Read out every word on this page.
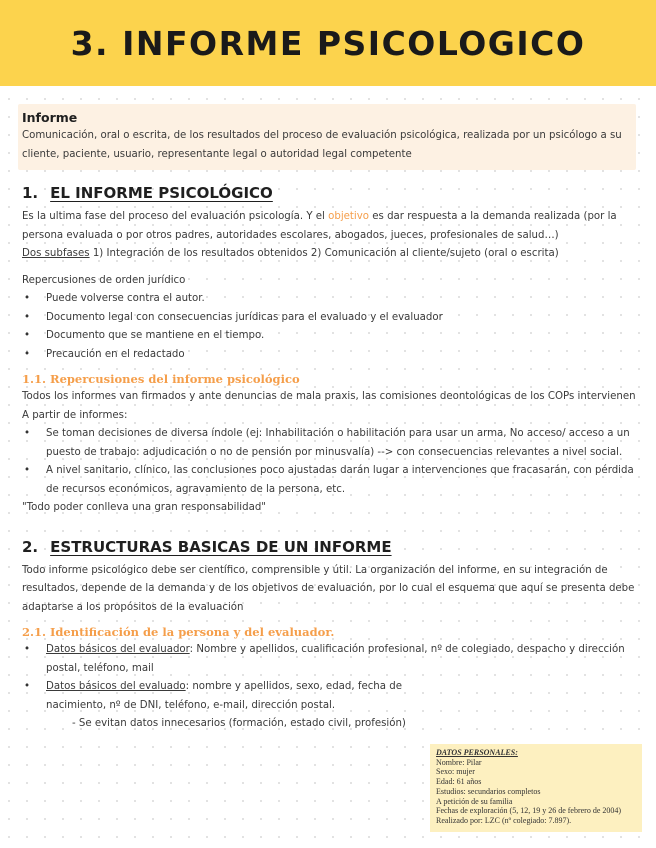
3. INFORME PSICOLOGICO
Informe
Comunicación, oral o escrita, de los resultados del proceso de evaluación psicológica, realizada por un psicólogo a su cliente, paciente, usuario, representante legal o autoridad legal competente
1. EL INFORME PSICOLÓGICO
Es la ultima fase del proceso del evaluación psicología. Y el objetivo es dar respuesta a la demanda realizada (por la persona evaluada o por otros padres, autoridades escolares, abogados, jueces, profesionales de salud…)
Dos subfases 1) Integración de los resultados obtenidos 2) Comunicación al cliente/sujeto (oral o escrita)
Repercusiones de orden jurídico
• Puede volverse contra el autor.
• Documento legal con consecuencias jurídicas para el evaluado y el evaluador
• Documento que se mantiene en el tiempo.
• Precaución en el redactado
1.1. Repercusiones del informe psicológico
Todos los informes van firmados y ante denuncias de mala praxis, las comisiones deontológicas de los COPs intervienen
A partir de informes:
• Se toman decisiones de diversa índole (ej: Inhabilitación o habilitación para usar un arma, No acceso/ acceso a un puesto de trabajo: adjudicación o no de pensión por minusvalía) --> con consecuencias relevantes a nivel social.
• A nivel sanitario, clínico, las conclusiones poco ajustadas darán lugar a intervenciones que fracasarán, con pérdida de recursos económicos, agravamiento de la persona, etc.
"Todo poder conlleva una gran responsabilidad"
2. ESTRUCTURAS BASICAS DE UN INFORME
Todo informe psicológico debe ser científico, comprensible y útil. La organización del informe, en su integración de resultados, depende de la demanda y de los objetivos de evaluación, por lo cual el esquema que aquí se presenta debe adaptarse a los propósitos de la evaluación
2.1. Identificación de la persona y del evaluador.
• Datos básicos del evaluador: Nombre y apellidos, cualificación profesional, nº de colegiado, despacho y dirección postal, teléfono, mail
• Datos básicos del evaluado: nombre y apellidos, sexo, edad, fecha de nacimiento, nº de DNI, teléfono, e-mail, dirección postal.
- Se evitan datos innecesarios (formación, estado civil, profesión)
DATOS PERSONALES:
Nombre: Pilar
Sexo: mujer
Edad: 61 años
Estudios: secundarios completos
A petición de su familia
Fechas de exploración (5, 12, 19 y 26 de febrero de 2004)
Realizado por: LZC (nº colegiado: 7.897).
